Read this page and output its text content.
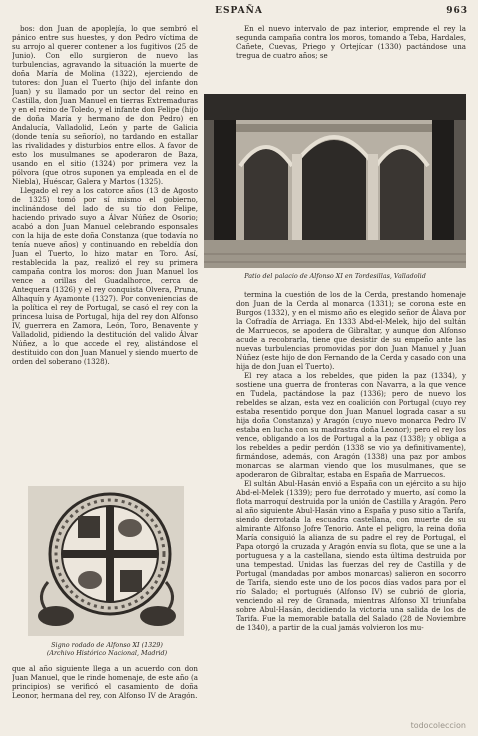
ESPAÑA	963

bos: don Juan de apoplejía, lo que sembró el pánico entre sus huestes, y don Pedro víctima de su arrojo al querer contener a los fugitivos (25 de Junio). Con ello surgieron de nuevo las turbulencias, agravando la situación la muerte de doña María de Molina (1322), ejerciendo de tutores: don Juan el Tuerto (hijo del infante don Juan) y su llamado por un sector del reino en Castilla, don Juan Manuel en tierras Extremaduras y en el reino de Toledo, y el infante don Felipe (hijo de doña María y hermano de don Pedro) en Andalucía, Valladolid, León y parte de Galicia (donde tenía su señorío), no tardando en estallar las rivalidades y disturbios entre ellos. A favor de esto los musulmanes se apoderaron de Baza, usando en el sitio (1324) por primera vez la pólvora (que otros suponen ya empleada en el de Niebla), Huéscar, Galera y Martos (1325).

Llegado el rey a los catorce años (13 de Agosto de 1325) tomó por sí mismo el gobierno, inclinándose del lado de su tío don Felipe, haciendo privado suyo a Álvar Núñez de Osorio; acabó a don Juan Manuel celebrando esponsales con la hija de este doña Constanza (que todavía no tenía nueve años) y continuando en rebeldía don Juan el Tuerto, lo hizo matar en Toro. Así, restablecida la paz, realizó el rey su primera campaña contra los moros: don Juan Manuel los vence a orillas del Guadalhorce, cerca de Antequera (1326) y el rey conquista Olvera, Pruna, Alhaquín y Ayamonte (1327). Por conveniencias de la política el rey de Portugal, se casó el rey con la princesa luisa de Portugal, hija del rey don Alfonso IV, guerrera en Zamora, León, Toro, Benavente y Valladolid, pidiendo la destitución del valido Álvar Núñez, a lo que accede el rey, alistándose el destituido con don Juan Manuel y siendo muerto de orden del soberano (1328).

En el nuevo intervalo de paz interior, emprende el rey la segunda campaña contra los moros, tomando a Teba, Hardales, Cañete, Cuevas, Priego y Ortejícar (1330) pactándose una tregua de cuatro años; se

Patio del palacio de Alfonso XI en Tordesillas, Valladolid

termina la cuestión de los de la Cerda, prestando homenaje don Juan de la Cerda al monarca (1331); se corona este en Burgos (1332), y en el mismo año es elegido señor de Álava por la Cofradía de Arriaga. En 1333 Abd-el-Melek, hijo del sultán de Marruecos, se apodera de Gibraltar, y aunque don Alfonso acude a recobrarla, tiene que desistir de su empeño ante las nuevas turbulencias promovidas por don Juan Manuel y Juan Núñez (este hijo de don Fernando de la Cerda y casado con una hija de don Juan el Tuerto).

El rey ataca a los rebeldes, que piden la paz (1334), y sostiene una guerra de fronteras con Navarra, a la que vence en Tudela, pactándose la paz (1336); pero de nuevo los rebeldes se alzan, esta vez en coalición con Portugal (cuyo rey estaba resentido porque don Juan Manuel lograda casar a su hija doña Constanza) y Aragón (cuyo nuevo monarca Pedro IV estaba en lucha con su madrastra doña Leonor); pero el rey los vence, obligando a los de Portugal a la paz (1338); y obliga a los rebeldes a pedir perdón (1338 se vio ya definitivamente), firmándose, además, con Aragón (1338) una paz por ambos monarcas se alarman viendo que los musulmanes, que se apoderaron de Gibraltar, estaba en España de Marruecos.

El sultán Abul-Hasán envió a España con un ejército a su hijo Abd-el-Melek (1339); pero fue derrotado y muerto, así como la flota marroquí destruida por la unión de Castilla y Aragón. Pero al año siguiente Abul-Hasán vino a España y puso sitio a Tarifa, siendo derrotada la escuadra castellana, con muerte de su almirante Alfonso Jofre Tenorio. Ante el peligro, la reina doña María consiguió la alianza de su padre el rey de Portugal, el Papa otorgó la cruzada y Aragón envía su flota, que se une a la portuguesa y a la castellana, siendo esta última destruida por una tempestad. Unidas las fuerzas del rey de Castilla y de Portugal (mandadas por ambos monarcas) salieron en socorro de Tarifa, siendo este uno de los pocos días vados para por el río Salado; el portugués (Alfonso IV) se cubrió de gloria, venciendo al rey de Granada, mientras Alfonso XI triunfaba sobre Abul-Hasán, decidiendo la victoria una salida de los de Tarifa. Fue la memorable batalla del Salado (28 de Noviembre de 1340), a partir de la cual jamás volvieron los mu-

Signo rodado de Alfonso XI (1329)
(Archivo Histórico Nacional, Madrid)

que al año siguiente llega a un acuerdo con don Juan Manuel, que le rinde homenaje, de este año (a principios) se verificó el casamiento de doña Leonor, hermana del rey, con Alfonso IV de Aragón.

todocoleccion
